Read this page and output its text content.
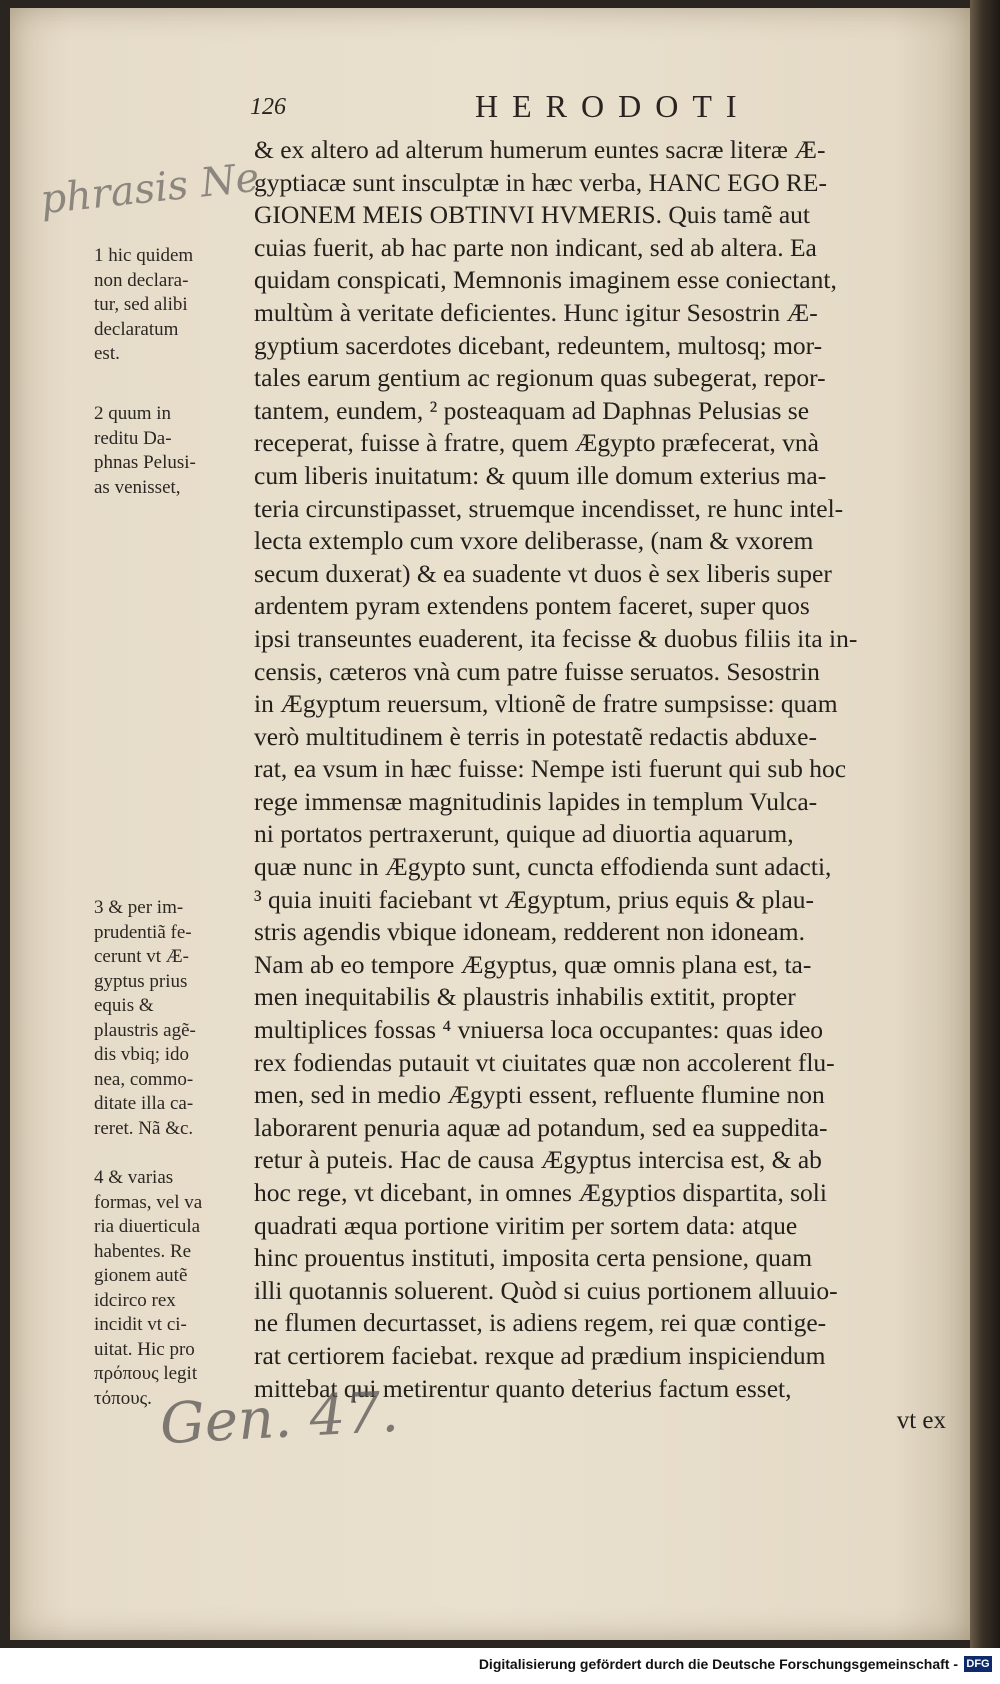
126	HERODOTI
phrasis Ne
1 hic quidem
non declara-
tur, sed alibi
declaratum
est.
2 quum in
reditu Da-
phnas Pelusi-
as venisset,
3 & per im-
prudentiã fe-
cerunt vt Æ-
gyptus prius
equis &
plaustris agẽ-
dis vbiq; ido
nea, commo-
ditate illa ca-
reret. Nã &c.
4 & varias
formas, vel va
ria diuerticula
habentes. Re
gionem autẽ
idcirco rex
incidit vt ci-
uitat. Hic pro
πρόπους legit
τόπους.
& ex altero ad alterum humerum euntes sacræ literæ Æ-
gyptiacæ sunt insculptæ in hæc verba, HANC EGO RE-
GIONEM MEIS OBTINVI HVMERIS. Quis tamẽ aut
cuias fuerit, ab hac parte non indicant, sed ab altera. Ea
quidam conspicati, Memnonis imaginem esse coniectant,
multùm à veritate deficientes. Hunc igitur Sesostrin Æ-
gyptium sacerdotes dicebant, redeuntem, multosq; mor-
tales earum gentium ac regionum quas subegerat, repor-
tantem, eundem, ² posteaquam ad Daphnas Pelusias se
receperat, fuisse à fratre, quem Ægypto præfecerat, vnà
cum liberis inuitatum: & quum ille domum exterius ma-
teria circunstipasset, struemque incendisset, re hunc intel-
lecta extemplo cum vxore deliberasse, (nam & vxorem
secum duxerat) & ea suadente vt duos è sex liberis super
ardentem pyram extendens pontem faceret, super quos
ipsi transeuntes euaderent, ita fecisse & duobus filiis ita in-
censis, cæteros vnà cum patre fuisse seruatos. Sesostrin
in Ægyptum reuersum, vltionẽ de fratre sumpsisse: quam
verò multitudinem è terris in potestatẽ redactis abduxe-
rat, ea vsum in hæc fuisse: Nempe isti fuerunt qui sub hoc
rege immensæ magnitudinis lapides in templum Vulca-
ni portatos pertraxerunt, quique ad diuortia aquarum,
quæ nunc in Ægypto sunt, cuncta effodienda sunt adacti,
³ quia inuiti faciebant vt Ægyptum, prius equis & plau-
stris agendis vbique idoneam, redderent non idoneam.
Nam ab eo tempore Ægyptus, quæ omnis plana est, ta-
men inequitabilis & plaustris inhabilis extitit, propter
multiplices fossas ⁴ vniuersa loca occupantes: quas ideo
rex fodiendas putauit vt ciuitates quæ non accolerent flu-
men, sed in medio Ægypti essent, refluente flumine non
laborarent penuria aquæ ad potandum, sed ea suppedita-
retur à puteis. Hac de causa Ægyptus intercisa est, & ab
hoc rege, vt dicebant, in omnes Ægyptios dispartita, soli
quadrati æqua portione viritim per sortem data: atque
hinc prouentus instituti, imposita certa pensione, quam
illi quotannis soluerent. Quòd si cuius portionem alluuio-
ne flumen decurtasset, is adiens regem, rei quæ contige-
rat certiorem faciebat. rexque ad prædium inspiciendum
mittebat qui metirentur quanto deterius factum esset,
vt ex
Gen. 47.
Digitalisierung gefördert durch die Deutsche Forschungsgemeinschaft - DFG
